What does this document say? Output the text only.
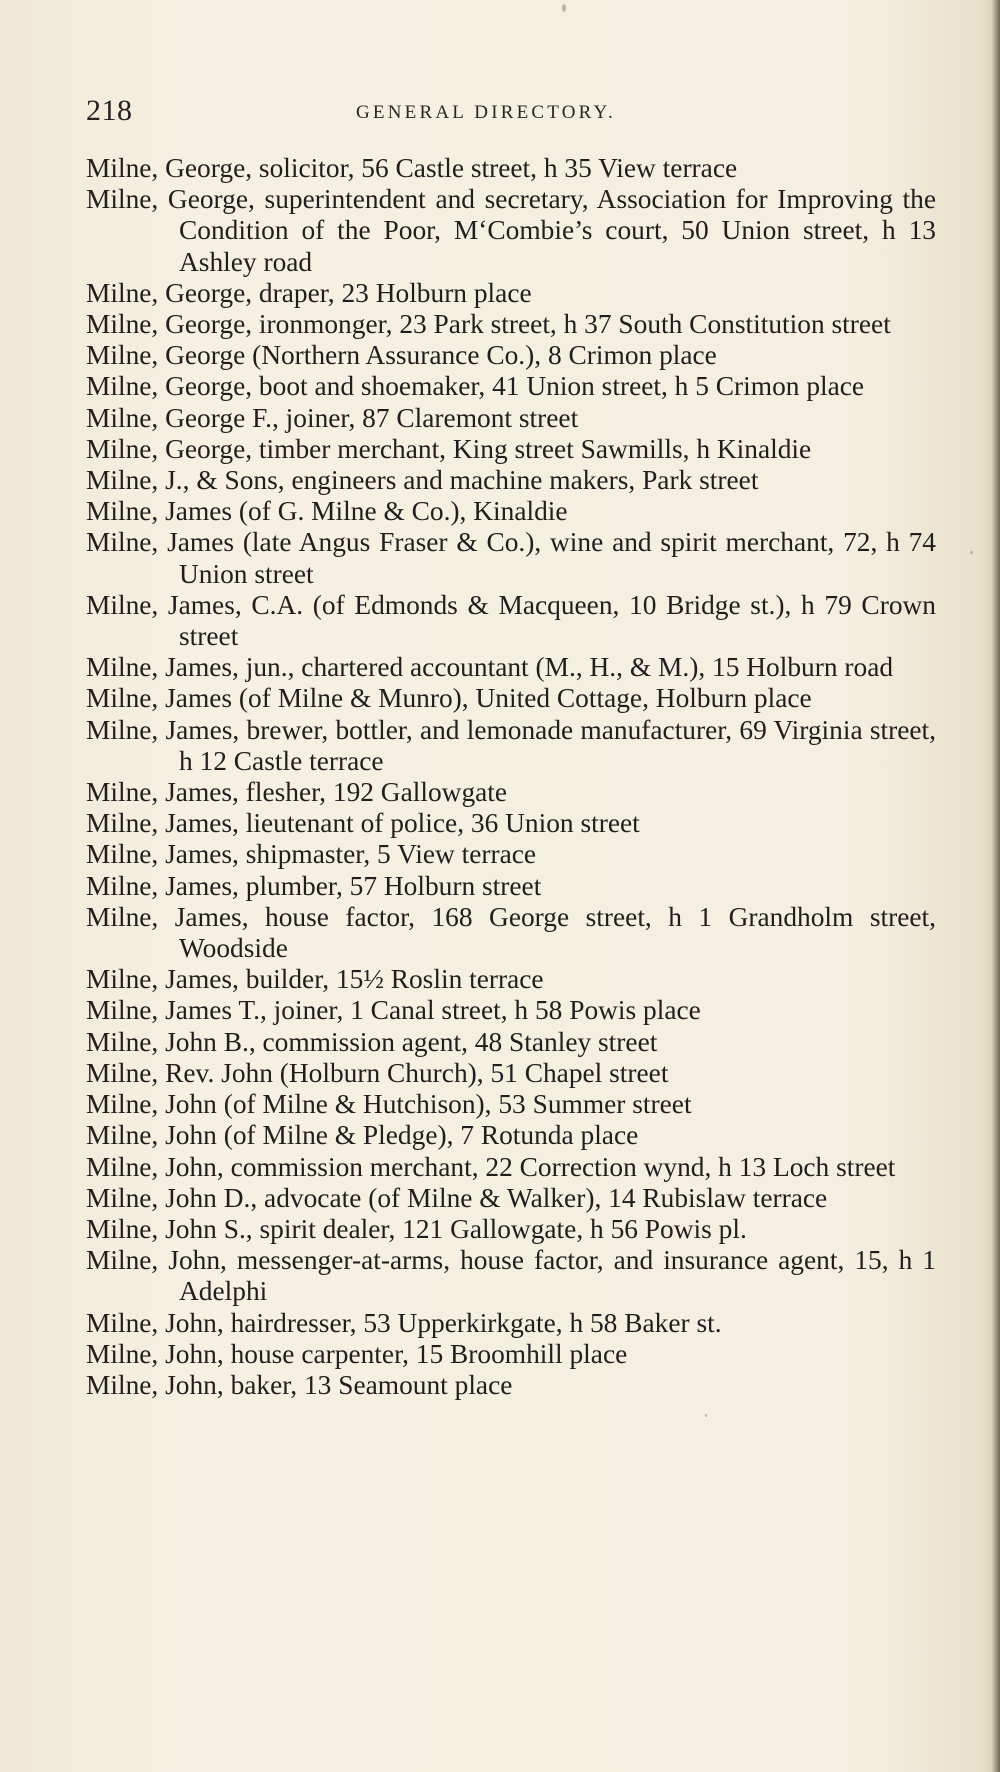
218	GENERAL DIRECTORY.
Milne, George, solicitor, 56 Castle street, h 35 View terrace
Milne, George, superintendent and secretary, Association for Improving the Condition of the Poor, M‘Combie’s court, 50 Union street, h 13 Ashley road
Milne, George, draper, 23 Holburn place
Milne, George, ironmonger, 23 Park street, h 37 South Constitution street
Milne, George (Northern Assurance Co.), 8 Crimon place
Milne, George, boot and shoemaker, 41 Union street, h 5 Crimon place
Milne, George F., joiner, 87 Claremont street
Milne, George, timber merchant, King street Sawmills, h Kinaldie
Milne, J., & Sons, engineers and machine makers, Park street
Milne, James (of G. Milne & Co.), Kinaldie
Milne, James (late Angus Fraser & Co.), wine and spirit merchant, 72, h 74 Union street
Milne, James, C.A. (of Edmonds & Macqueen, 10 Bridge st.), h 79 Crown street
Milne, James, jun., chartered accountant (M., H., & M.), 15 Holburn road
Milne, James (of Milne & Munro), United Cottage, Holburn place
Milne, James, brewer, bottler, and lemonade manufacturer, 69 Virginia street, h 12 Castle terrace
Milne, James, flesher, 192 Gallowgate
Milne, James, lieutenant of police, 36 Union street
Milne, James, shipmaster, 5 View terrace
Milne, James, plumber, 57 Holburn street
Milne, James, house factor, 168 George street, h 1 Grandholm street, Woodside
Milne, James, builder, 15½ Roslin terrace
Milne, James T., joiner, 1 Canal street, h 58 Powis place
Milne, John B., commission agent, 48 Stanley street
Milne, Rev. John (Holburn Church), 51 Chapel street
Milne, John (of Milne & Hutchison), 53 Summer street
Milne, John (of Milne & Pledge), 7 Rotunda place
Milne, John, commission merchant, 22 Correction wynd, h 13 Loch street
Milne, John D., advocate (of Milne & Walker), 14 Rubislaw terrace
Milne, John S., spirit dealer, 121 Gallowgate, h 56 Powis pl.
Milne, John, messenger-at-arms, house factor, and insurance agent, 15, h 1 Adelphi
Milne, John, hairdresser, 53 Upperkirkgate, h 58 Baker st.
Milne, John, house carpenter, 15 Broomhill place
Milne, John, baker, 13 Seamount place
